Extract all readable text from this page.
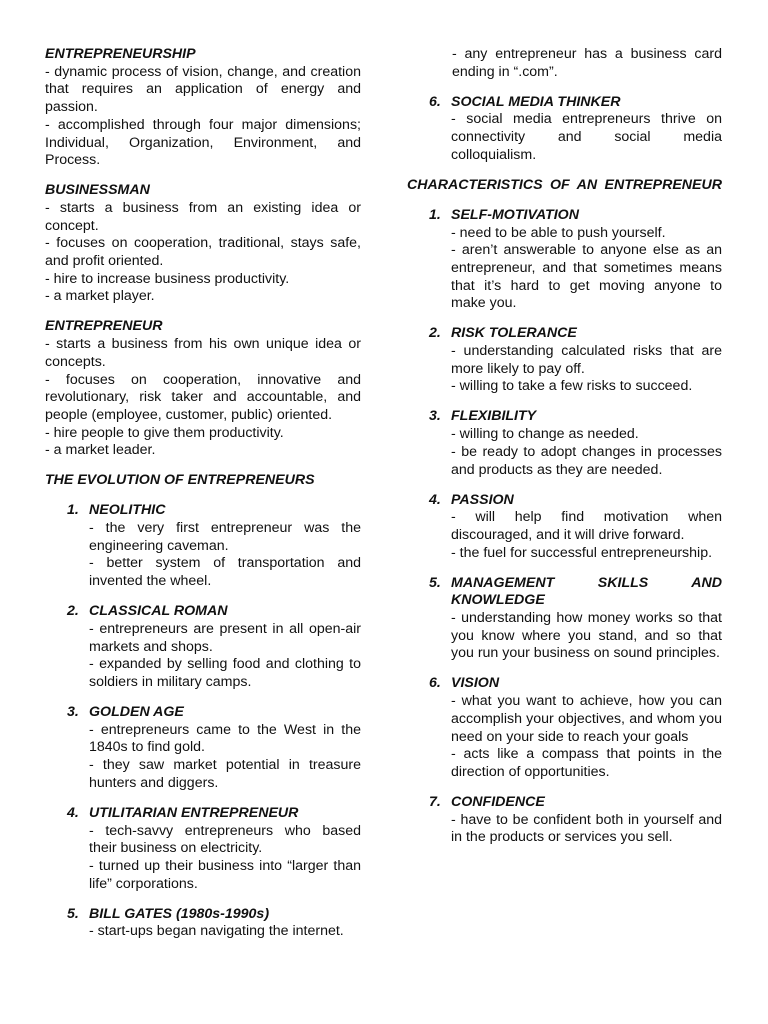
ENTREPRENEURSHIP

- dynamic process of vision, change, and creation that requires an application of energy and passion.

- accomplished through four major dimensions; Individual, Organization, Environment, and Process.

BUSINESSMAN

- starts a business from an existing idea or concept.

- focuses on cooperation, traditional, stays safe, and profit oriented.

- hire to increase business productivity.

- a market player.

ENTREPRENEUR

- starts a business from his own unique idea or concepts.

- focuses on cooperation, innovative and revolutionary, risk taker and accountable, and people (employee, customer, public) oriented.

- hire people to give them productivity.

- a market leader.

THE EVOLUTION OF ENTREPRENEURS

1. NEOLITHIC

- the very first entrepreneur was the engineering caveman.

- better system of transportation and invented the wheel.

2. CLASSICAL ROMAN

- entrepreneurs are present in all open-air markets and shops.

- expanded by selling food and clothing to soldiers in military camps.

3. GOLDEN AGE

- entrepreneurs came to the West in the 1840s to find gold.

- they saw market potential in treasure hunters and diggers.

4. UTILITARIAN ENTREPRENEUR

- tech-savvy entrepreneurs who based their business on electricity.

- turned up their business into “larger than life” corporations.

5. BILL GATES (1980s-1990s)

- start-ups began navigating the internet.

- any entrepreneur has a business card ending in “.com”.

6. SOCIAL MEDIA THINKER

- social media entrepreneurs thrive on connectivity and social media colloquialism.

CHARACTERISTICS OF AN ENTREPRENEUR

1. SELF-MOTIVATION

- need to be able to push yourself.

- aren’t answerable to anyone else as an entrepreneur, and that sometimes means that it’s hard to get moving anyone to make you.

2. RISK TOLERANCE

- understanding calculated risks that are more likely to pay off.

- willing to take a few risks to succeed.

3. FLEXIBILITY

- willing to change as needed.

- be ready to adopt changes in processes and products as they are needed.

4. PASSION

- will help find motivation when discouraged, and it will drive forward.

- the fuel for successful entrepreneurship.

5. MANAGEMENT SKILLS AND KNOWLEDGE

- understanding how money works so that you know where you stand, and so that you run your business on sound principles.

6. VISION

- what you want to achieve, how you can accomplish your objectives, and whom you need on your side to reach your goals

- acts like a compass that points in the direction of opportunities.

7. CONFIDENCE

- have to be confident both in yourself and in the products or services you sell.
